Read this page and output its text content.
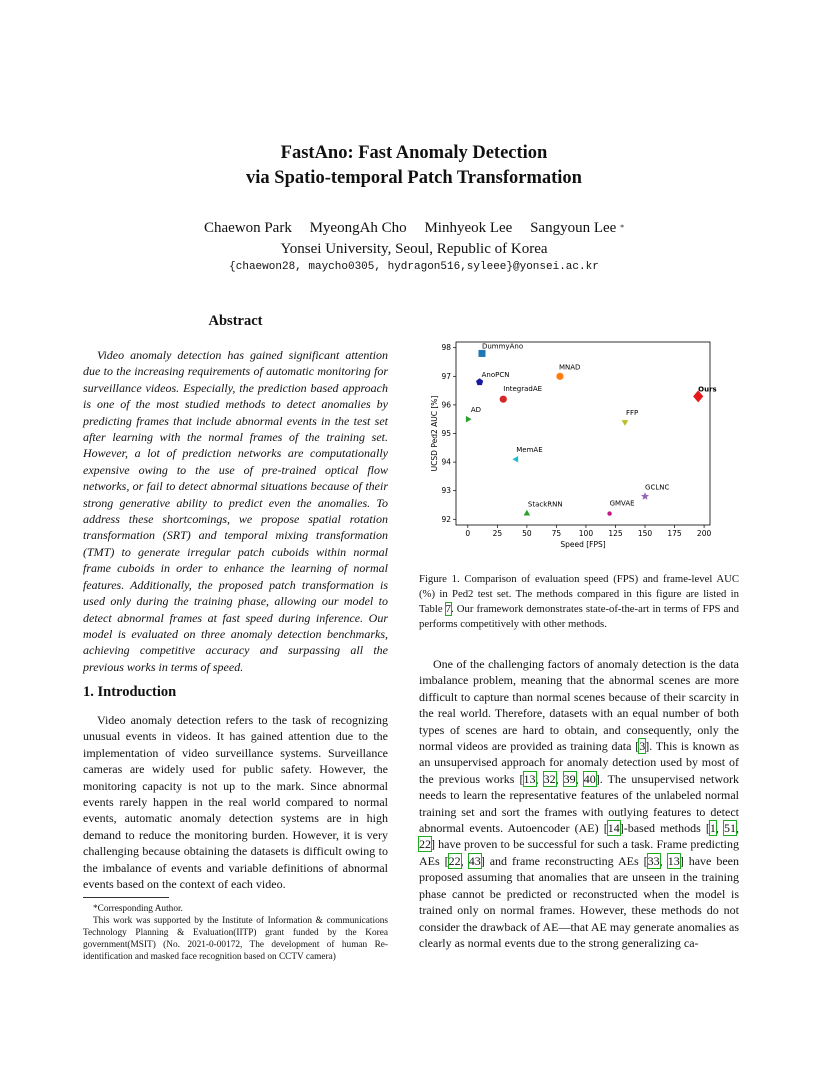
FastAno: Fast Anomaly Detection
via Spatio-temporal Patch Transformation
Chaewon Park MyeongAh Cho Minhyeok Lee Sangyoun Lee *
Yonsei University, Seoul, Republic of Korea
{chaewon28, maycho0305, hydragon516,syleee}@yonsei.ac.kr
Abstract
Video anomaly detection has gained significant attention due to the increasing requirements of automatic monitoring for surveillance videos. Especially, the prediction based approach is one of the most studied methods to detect anomalies by predicting frames that include abnormal events in the test set after learning with the normal frames of the training set. However, a lot of prediction networks are computationally expensive owing to the use of pre-trained optical flow networks, or fail to detect abnormal situations because of their strong generative ability to predict even the anomalies. To address these shortcomings, we propose spatial rotation transformation (SRT) and temporal mixing transformation (TMT) to generate irregular patch cuboids within normal frame cuboids in order to enhance the learning of normal features. Additionally, the proposed patch transformation is used only during the training phase, allowing our model to detect abnormal frames at fast speed during inference. Our model is evaluated on three anomaly detection benchmarks, achieving competitive accuracy and surpassing all the previous works in terms of speed.
1. Introduction
Video anomaly detection refers to the task of recognizing unusual events in videos. It has gained attention due to the implementation of video surveillance systems. Surveillance cameras are widely used for public safety. However, the monitoring capacity is not up to the mark. Since abnormal events rarely happen in the real world compared to normal events, automatic anomaly detection systems are in high demand to reduce the monitoring burden. However, it is very challenging because obtaining the datasets is difficult owing to the imbalance of events and variable definitions of abnormal events based on the context of each video.
*Corresponding Author.
This work was supported by the Institute of Information & communications Technology Planning & Evaluation(IITP) grant funded by the Korea government(MSIT) (No. 2021-0-00172, The development of human Re-identification and masked face recognition based on CCTV camera)
0	25	50	75 100 125 150 175 200
92
93
94
95
96
97
98	DummyAno
AnoPCN
MNAD
IntegradAE	Ours
AD	FFP
MemAE
GCLNC
StackRNN	GMVAE
Speed [FPS]
UCSD Ped2 AUC [%]
Figure 1. Comparison of evaluation speed (FPS) and frame-level AUC (%) in Ped2 test set. The methods compared in this figure are listed in Table 7. Our framework demonstrates state-of-the-art in terms of FPS and performs competitively with other methods.
One of the challenging factors of anomaly detection is the data imbalance problem, meaning that the abnormal scenes are more difficult to capture than normal scenes because of their scarcity in the real world. Therefore, datasets with an equal number of both types of scenes are hard to obtain, and consequently, only the normal videos are provided as training data [3]. This is known as an unsupervised approach for anomaly detection used by most of the previous works [13, 32, 39, 40]. The unsupervised network needs to learn the representative features of the unlabeled normal training set and sort the frames with outlying features to detect abnormal events. Autoencoder (AE) [14]-based methods [1, 51, 22] have proven to be successful for such a task. Frame predicting AEs [22, 43] and frame reconstructing AEs [33, 13] have been proposed assuming that anomalies that are unseen in the training phase cannot be predicted or reconstructed when the model is trained only on normal frames. However, these methods do not consider the drawback of AE—that AE may generate anomalies as clearly as normal events due to the strong generalizing ca-
